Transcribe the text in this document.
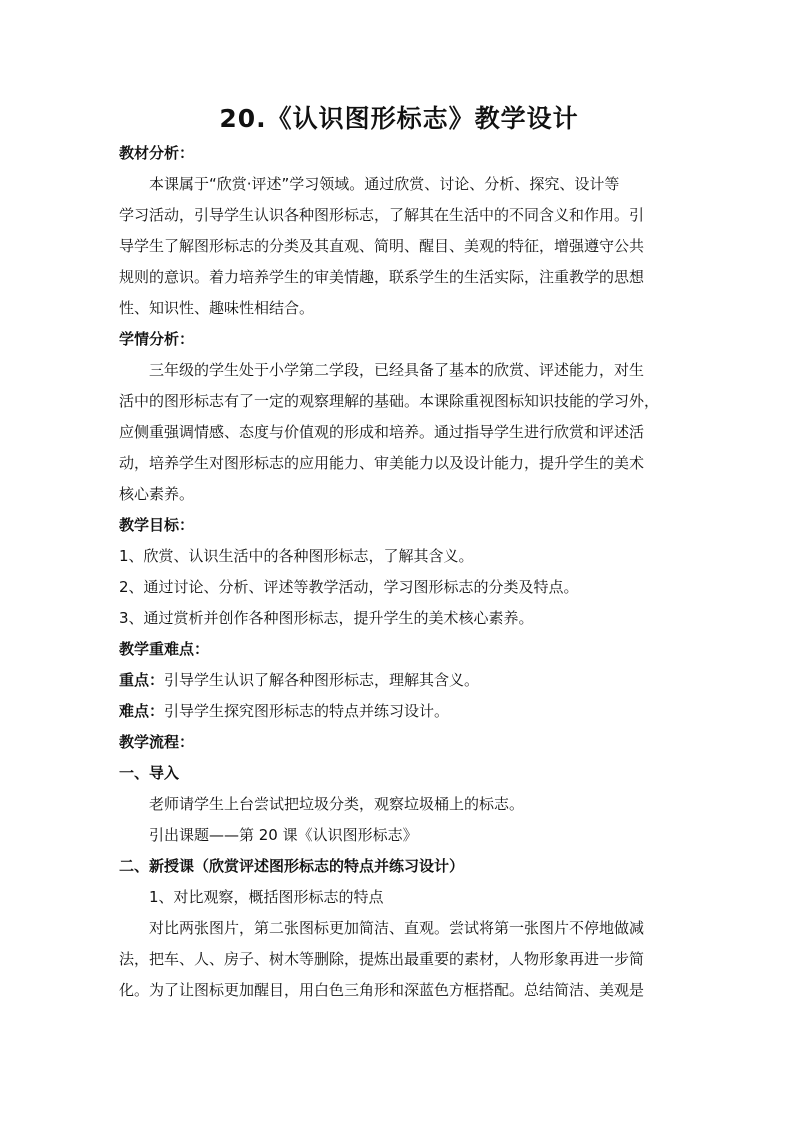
20.《认识图形标志》教学设计

教材分析：

本课属于“欣赏·评述”学习领域。通过欣赏、讨论、分析、探究、设计等

学习活动，引导学生认识各种图形标志，了解其在生活中的不同含义和作用。引

导学生了解图形标志的分类及其直观、简明、醒目、美观的特征，增强遵守公共

规则的意识。着力培养学生的审美情趣，联系学生的生活实际，注重教学的思想

性、知识性、趣味性相结合。

学情分析：

三年级的学生处于小学第二学段，已经具备了基本的欣赏、评述能力，对生

活中的图形标志有了一定的观察理解的基础。本课除重视图标知识技能的学习外，

应侧重强调情感、态度与价值观的形成和培养。通过指导学生进行欣赏和评述活

动，培养学生对图形标志的应用能力、审美能力以及设计能力，提升学生的美术

核心素养。

教学目标：

1、欣赏、认识生活中的各种图形标志，了解其含义。

2、通过讨论、分析、评述等教学活动，学习图形标志的分类及特点。

3、通过赏析并创作各种图形标志，提升学生的美术核心素养。

教学重难点：

重点：引导学生认识了解各种图形标志，理解其含义。

难点：引导学生探究图形标志的特点并练习设计。

教学流程：

一、导入

老师请学生上台尝试把垃圾分类，观察垃圾桶上的标志。

引出课题——第 20 课《认识图形标志》

二、新授课（欣赏评述图形标志的特点并练习设计）

1、对比观察，概括图形标志的特点

对比两张图片，第二张图标更加简洁、直观。尝试将第一张图片不停地做减

法，把车、人、房子、树木等删除，提炼出最重要的素材，人物形象再进一步简

化。为了让图标更加醒目，用白色三角形和深蓝色方框搭配。总结简洁、美观是
